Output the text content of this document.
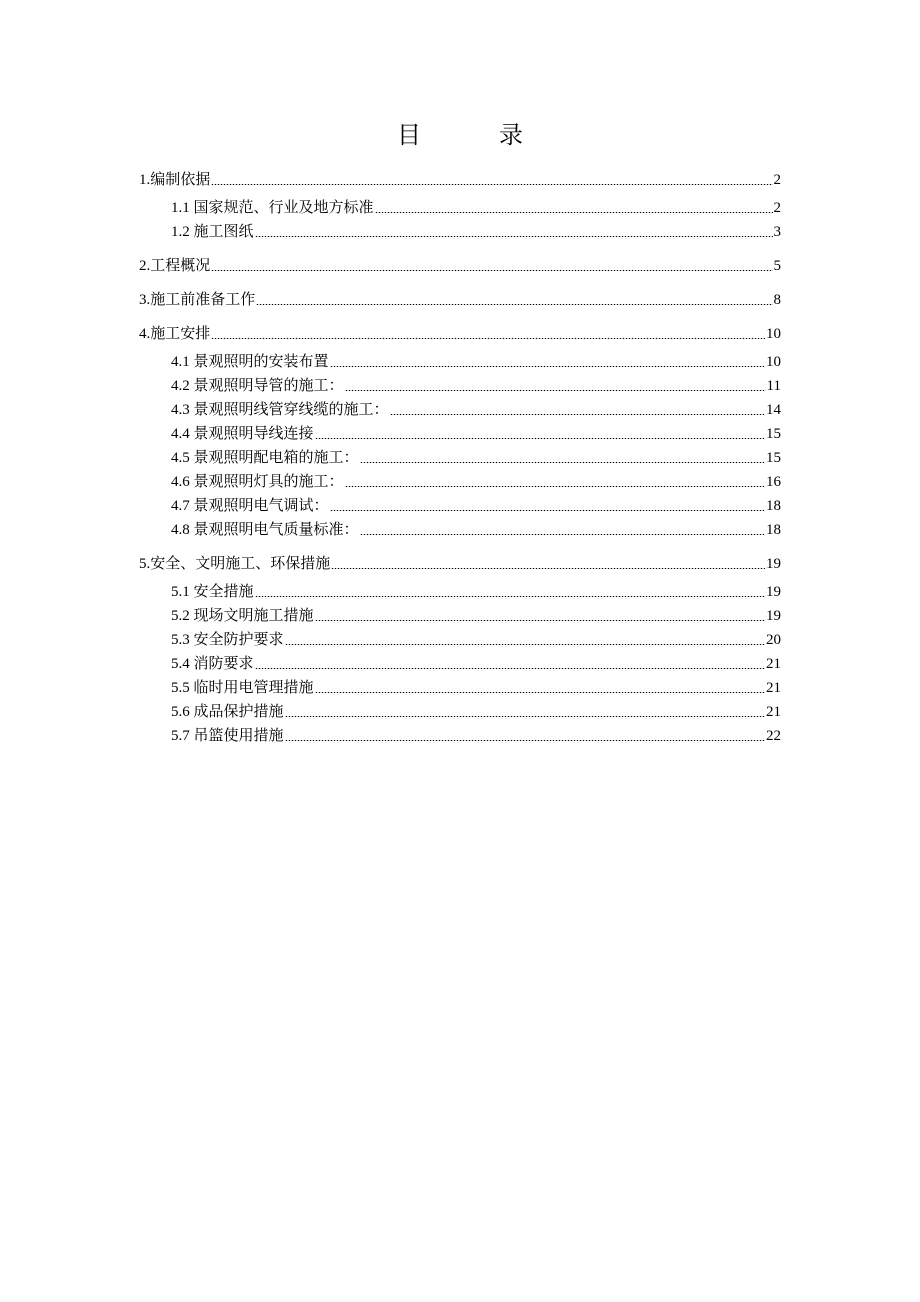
目 录
1.编制依据	2
1.1 国家规范、行业及地方标准	2
1.2 施工图纸	3
2.工程概况	5
3.施工前准备工作	8
4.施工安排	10
4.1 景观照明的安装布置	10
4.2 景观照明导管的施工：	11
4.3 景观照明线管穿线缆的施工：	14
4.4 景观照明导线连接	15
4.5 景观照明配电箱的施工：	15
4.6 景观照明灯具的施工：	16
4.7 景观照明电气调试：	18
4.8 景观照明电气质量标准：	18
5.安全、文明施工、环保措施	19
5.1 安全措施	19
5.2 现场文明施工措施	19
5.3 安全防护要求	20
5.4 消防要求	21
5.5 临时用电管理措施	21
5.6 成品保护措施	21
5.7 吊篮使用措施	22
